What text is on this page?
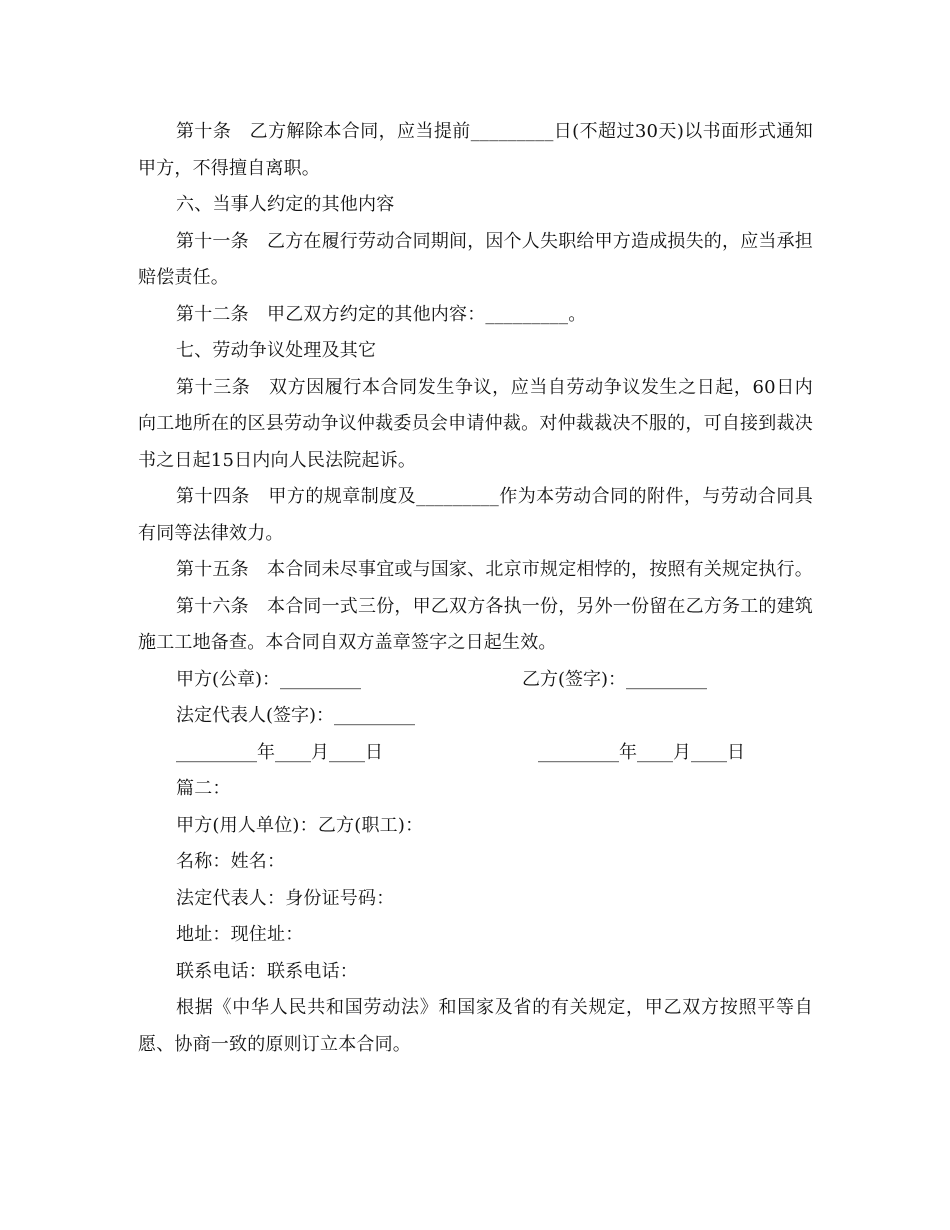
第十条　乙方解除本合同，应当提前_________日(不超过30天)以书面形式通知甲方，不得擅自离职。

六、当事人约定的其他内容

第十一条　乙方在履行劳动合同期间，因个人失职给甲方造成损失的，应当承担赔偿责任。

第十二条　甲乙双方约定的其他内容：_________。

七、劳动争议处理及其它

第十三条　双方因履行本合同发生争议，应当自劳动争议发生之日起，60日内向工地所在的区县劳动争议仲裁委员会申请仲裁。对仲裁裁决不服的，可自接到裁决书之日起15日内向人民法院起诉。

第十四条　甲方的规章制度及_________作为本劳动合同的附件，与劳动合同具有同等法律效力。

第十五条　本合同未尽事宜或与国家、北京市规定相悖的，按照有关规定执行。

第十六条　本合同一式三份，甲乙双方各执一份，另外一份留在乙方务工的建筑施工工地备查。本合同自双方盖章签字之日起生效。

甲方(公章)：_________

	乙方(签字)：_________

法定代表人(签字)：_________

_________年____月____日

	_________年____月____日

篇二：

甲方(用人单位)：乙方(职工)：

名称：姓名：

法定代表人：身份证号码：

地址：现住址：

联系电话：联系电话：

根据《中华人民共和国劳动法》和国家及省的有关规定，甲乙双方按照平等自愿、协商一致的原则订立本合同。
